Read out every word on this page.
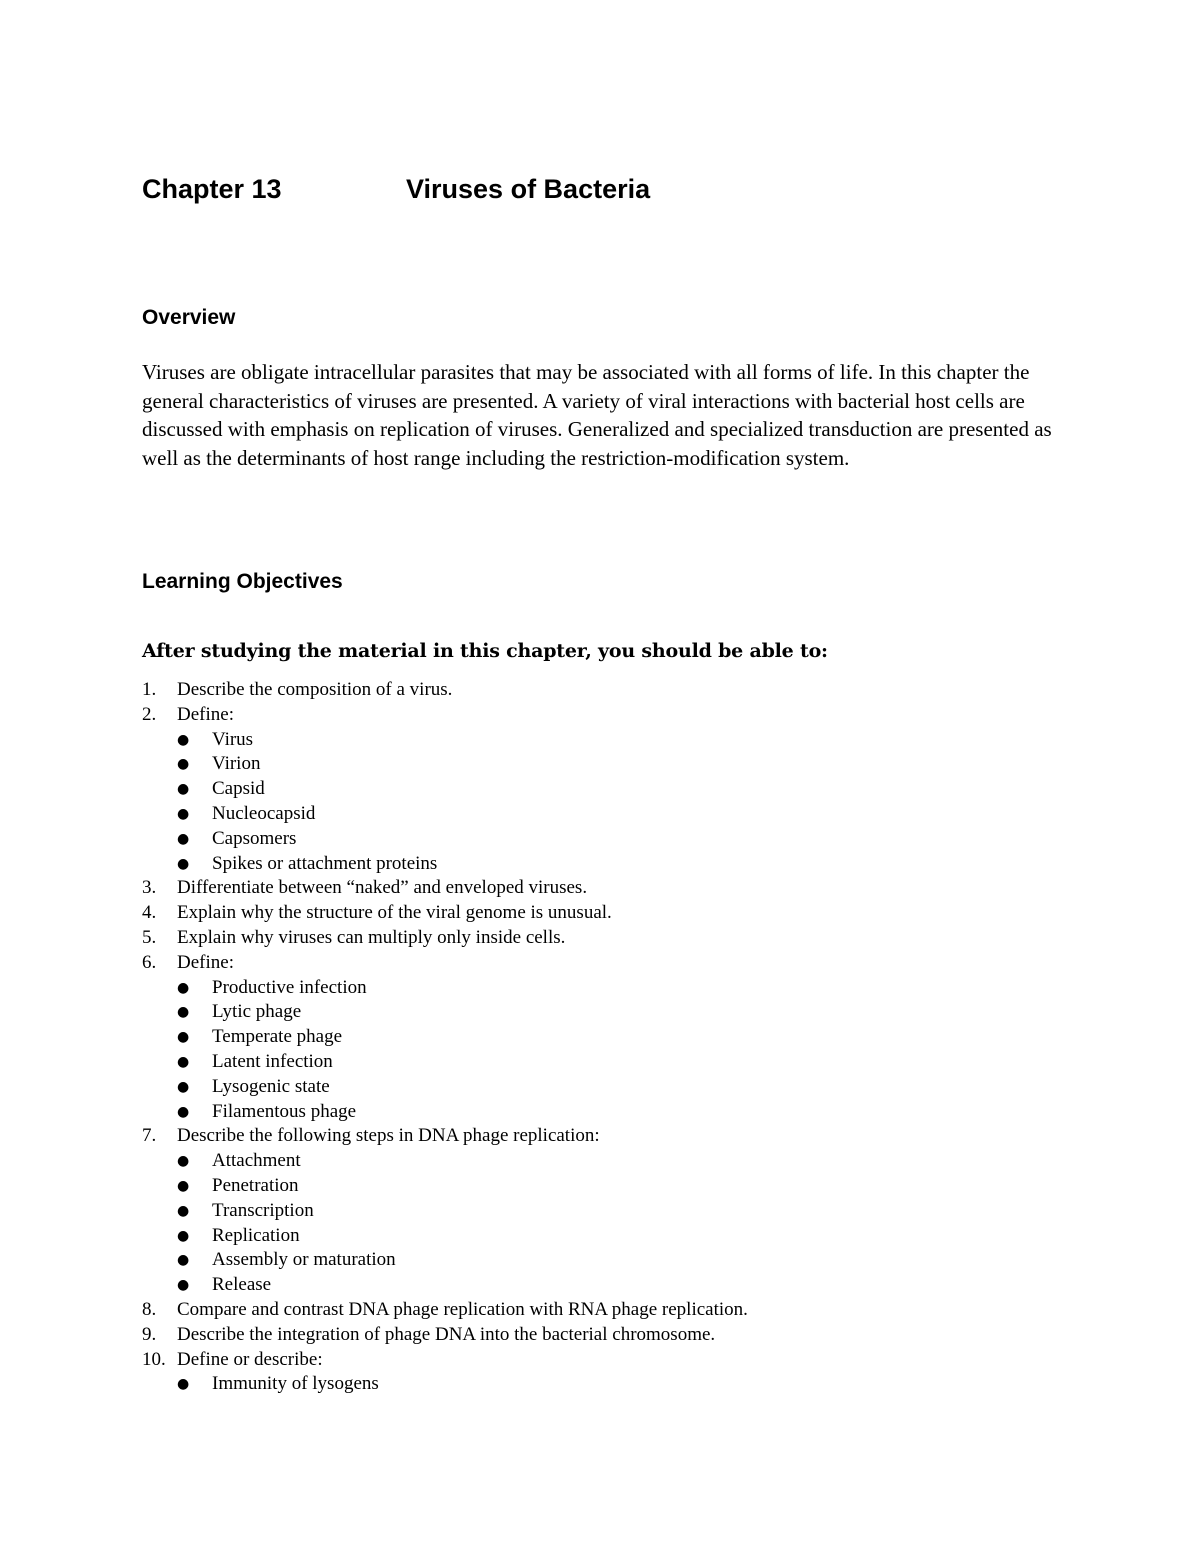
Chapter 13	Viruses of Bacteria
Overview

Viruses are obligate intracellular parasites that may be associated with all forms of life. In this chapter the general characteristics of viruses are presented. A variety of viral interactions with bacterial host cells are discussed with emphasis on replication of viruses. Generalized and specialized transduction are presented as well as the determinants of host range including the restriction-modification system.

Learning Objectives

After studying the material in this chapter, you should be able to:

1.	Describe the composition of a virus.
2.	Define:
●	Virus
●	Virion
●	Capsid
●	Nucleocapsid
●	Capsomers
●	Spikes or attachment proteins
3.	Differentiate between “naked” and enveloped viruses.
4.	Explain why the structure of the viral genome is unusual.
5.	Explain why viruses can multiply only inside cells.
6.	Define:
●	Productive infection
●	Lytic phage
●	Temperate phage
●	Latent infection
●	Lysogenic state
●	Filamentous phage
7.	Describe the following steps in DNA phage replication:
●	Attachment
●	Penetration
●	Transcription
●	Replication
●	Assembly or maturation
●	Release
8.	Compare and contrast DNA phage replication with RNA phage replication.
9.	Describe the integration of phage DNA into the bacterial chromosome.
10. Define or describe:
●	Immunity of lysogens
